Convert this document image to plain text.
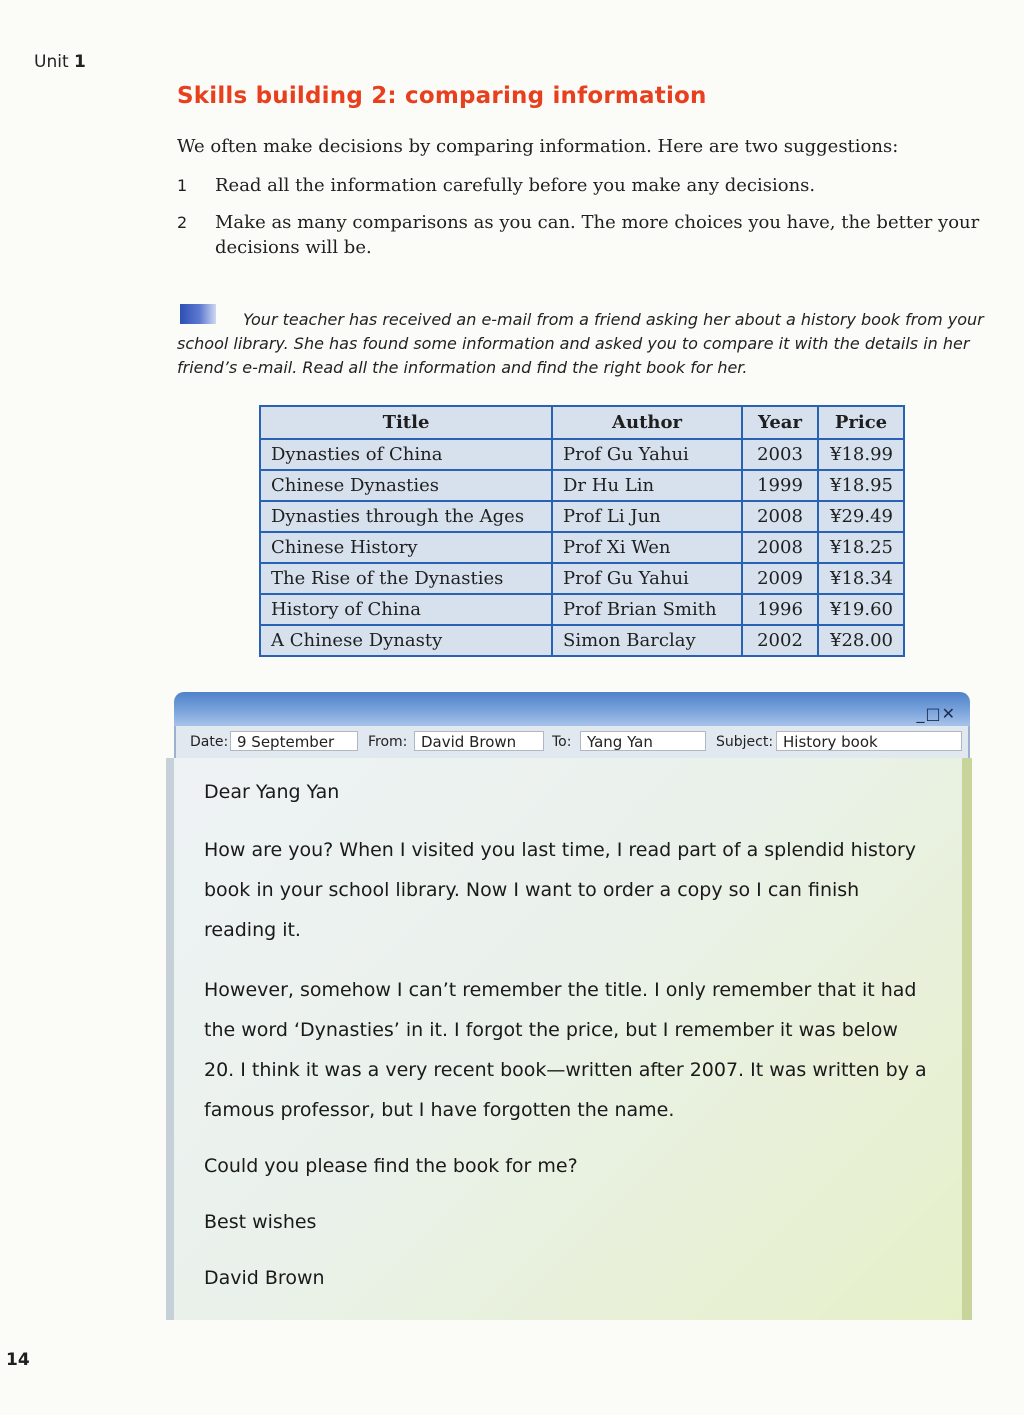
Unit 1
Skills building 2: comparing information
We often make decisions by comparing information. Here are two suggestions:
1 Read all the information carefully before you make any decisions.
2 Make as many comparisons as you can. The more choices you have, the better your decisions will be.
Your teacher has received an e-mail from a friend asking her about a history book from your school library. She has found some information and asked you to compare it with the details in her friend’s e-mail. Read all the information and find the right book for her.
Title	Author	Year	Price
Dynasties of China	Prof Gu Yahui	2003	¥18.99
Chinese Dynasties	Dr Hu Lin	1999	¥18.95
Dynasties through the Ages	Prof Li Jun	2008	¥29.49
Chinese History	Prof Xi Wen	2008	¥18.25
The Rise of the Dynasties	Prof Gu Yahui	2009	¥18.34
History of China	Prof Brian Smith	1996	¥19.60
A Chinese Dynasty	Simon Barclay	2002	¥28.00
_□✕
Date: 9 September	From: David Brown	To:	Yang Yan	Subject: History book
Dear Yang Yan
How are you? When I visited you last time, I read part of a splendid history book in your school library. Now I want to order a copy so I can finish reading it.
However, somehow I can’t remember the title. I only remember that it had the word ‘Dynasties’ in it. I forgot the price, but I remember it was below 20. I think it was a very recent book—written after 2007. It was written by a famous professor, but I have forgotten the name.
Could you please find the book for me?
Best wishes
David Brown
14
